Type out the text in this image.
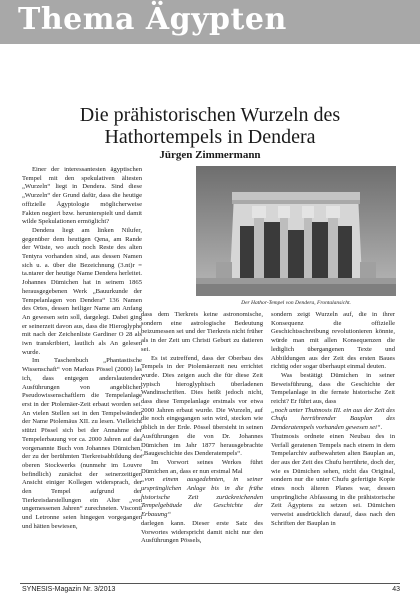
Thema Ägypten
Die prähistorischen Wurzeln des
Hathortempels in Dendera
Jürgen Zimmermann
Der Hathor-Tempel von Dendera, Frontalansicht.

Einer der interessantesten ägyptischen Tempel mit den spekulativen ältesten „Wurzeln“ liegt in Dendera. Sind diese „Wurzeln“ der Grund dafür, dass die heutige offizielle Ägyptologie möglicherweise Fakten negiert bzw. herunterspielt und damit wilde Spekulationen ermöglicht?

Dendera liegt am linken Nilufer, gegenüber dem heutigen Qena, am Rande der Wüste, wo auch noch Reste des alten Tentyra vorhanden sind, aus dessen Namen sich u. a. über die Bezeichnung (3.nt)r = ta.ntarer der heutige Name Dendera herleitet. Johannes Dümichen hat in seinem 1865 herausgegebenen Werk „Bauurkunde der Tempelanlagen von Dendera“ 136 Namen des Ortes, dessen heiliger Name am Anfang An gewesen sein soll, dargelegt. Dabei ging er seinerzeit davon aus, dass die Hieroglyphe mit nach der Zeichenliste Gardiner O 28 als iwn transkribiert, lautlich als An gelesen wurde.

Im Taschenbuch „Phantastische Wissenschaft“ von Markus Pössel (2000) las ich, dass entgegen anderslautenden Ausführungen von angeblichen Pseudowissenschaftlern die Tempelanlage erst in der Ptolemäer-Zeit erbaut worden sei. An vielen Stellen sei in den Tempelwänden der Name Ptolemäus XII. zu lesen. Vielleicht stützt Pössel sich bei der Annahme der Tempelerbauung vor ca. 2000 Jahren auf das vorgenannte Buch von Johannes Dümichen, der zu der berühmten Tierkreisabbildung des oberen Stockwerks (nunmehr im Louvre befindlich) zunächst der seinerzeitigen Ansicht einiger Kollegen widersprach, der den Tempel aufgrund der Tierkreisdarstellungen ein Alter „von ungemessenen Jahren“ zurechneten. Visconti und Letronne seien hingegen vorgegangen und hätten bewiesen,

dass dem Tierkreis keine astronomische, sondern eine astrologische Bedeutung beizumessen sei und der Tierkreis nicht früher als in der Zeit um Christi Geburt zu datieren sei.

Es ist zutreffend, dass der Oberbau des Tempels in der Ptolemäerzeit neu errichtet wurde. Dies zeigen auch die für diese Zeit typisch hieroglyphisch überladenen Wandinschriften. Dies heißt jedoch nicht, dass diese Tempelanlage erstmals vor etwa 2000 Jahren erbaut wurde. Die Wurzeln, auf die noch eingegangen sein wird, stecken wie üblich in der Erde. Pössel übersieht in seinen Ausführungen die von Dr. Johannes Dümichen im Jahr 1877 herausgebrachte „Baugeschichte des Denderatempels“.

Im Vorwort seines Werkes führt Dümichen an, dass er nun erstmal Mal

„von einem ausgedehnten, in seiner ursprünglichen Anlage bis in die frühe historische Zeit zurückreichenden Tempelgebäude die Geschichte der Erbauung“

darlegen kann. Dieser erste Satz des Vorwortes widerspricht damit nicht nur den Ausführungen Pössels,

sondern zeigt Wurzeln auf, die in ihrer Konsequenz die offizielle Geschichtsschreibung revolutionieren könnte, würde man mit allen Konsequenzen die lediglich übergangenen Texte und Abbildungen aus der Zeit des ersten Baues richtig oder sogar überhaupt einmal deuten.

Was bestätigt Dümichen in seiner Beweisführung, dass die Geschichte der Tempelanlage in die fernste historische Zeit reicht? Er führt aus, dass

„noch unter Thutmosis III. ein aus der Zeit des Chufu herrührender Bauplan des Denderatempels vorhanden gewesen sei“.

Thutmosis ordnete einen Neubau des in Verfall geratenen Tempels nach einem in dem Tempelarchiv aufbewahrten alten Bauplan an, der aus der Zeit des Chufu herrührte, doch der, wie es Dümichen sehen, nicht das Original, sondern nur die unter Chufu gefertigte Kopie eines noch älteren Planes war, dessen ursprüngliche Abfassung in die prähistorische Zeit Ägyptens zu setzen sei. Dümichen verweist ausdrücklich darauf, dass nach den Schriften der Bauplan in

SYNESIS-Magazin Nr. 3/2013	43
